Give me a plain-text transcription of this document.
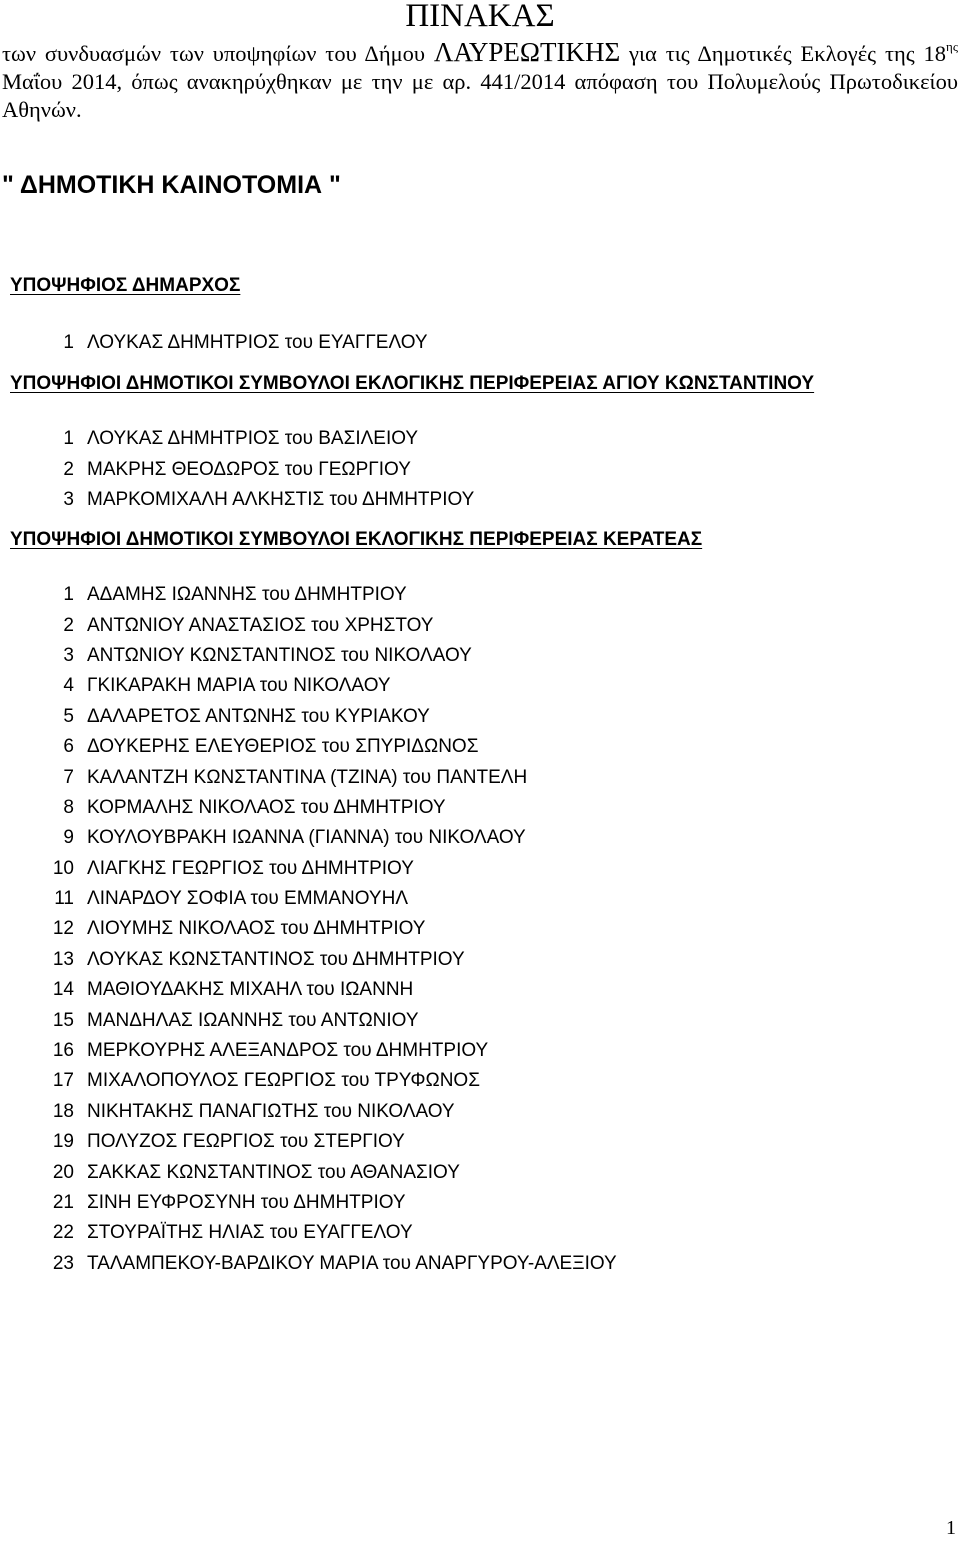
ΠΙΝΑΚΑΣ

των συνδυασμών των υποψηφίων του Δήμου ΛΑΥΡΕΩΤΙΚΗΣ για τις Δημοτικές Εκλογές της $18^{\eta\varsigma}$ Μαΐου 2014, όπως ανακηρύχθηκαν με την με αρ. 441/2014 απόφαση του Πολυμελούς Πρωτοδικείου Αθηνών.

" ΔΗΜΟΤΙΚΗ ΚΑΙΝΟΤΟΜΙΑ "
ΥΠΟΨΗΦΙΟΣ ΔΗΜΑΡΧΟΣ
1 ΛΟΥΚΑΣ ΔΗΜΗΤΡΙΟΣ του ΕΥΑΓΓΕΛΟΥ
ΥΠΟΨΗΦΙΟΙ ΔΗΜΟΤΙΚΟΙ ΣΥΜΒΟΥΛΟΙ ΕΚΛΟΓΙΚΗΣ ΠΕΡΙΦΕΡΕΙΑΣ ΑΓΙΟΥ ΚΩΝΣΤΑΝΤΙΝΟΥ
1 ΛΟΥΚΑΣ ΔΗΜΗΤΡΙΟΣ του ΒΑΣΙΛΕΙΟΥ
2 ΜΑΚΡΗΣ ΘΕΟΔΩΡΟΣ του ΓΕΩΡΓΙΟΥ
3 ΜΑΡΚΟΜΙΧΑΛΗ ΑΛΚΗΣΤΙΣ του ΔΗΜΗΤΡΙΟΥ
ΥΠΟΨΗΦΙΟΙ ΔΗΜΟΤΙΚΟΙ ΣΥΜΒΟΥΛΟΙ ΕΚΛΟΓΙΚΗΣ ΠΕΡΙΦΕΡΕΙΑΣ ΚΕΡΑΤΕΑΣ
1 ΑΔΑΜΗΣ ΙΩΑΝΝΗΣ του ΔΗΜΗΤΡΙΟΥ
2 ΑΝΤΩΝΙΟΥ ΑΝΑΣΤΑΣΙΟΣ του ΧΡΗΣΤΟΥ
3 ΑΝΤΩΝΙΟΥ ΚΩΝΣΤΑΝΤΙΝΟΣ του ΝΙΚΟΛΑΟΥ
4 ΓΚΙΚΑΡΑΚΗ ΜΑΡΙΑ του ΝΙΚΟΛΑΟΥ
5 ΔΑΛΑΡΕΤΟΣ ΑΝΤΩΝΗΣ του ΚΥΡΙΑΚΟΥ
6 ΔΟΥΚΕΡΗΣ ΕΛΕΥΘΕΡΙΟΣ του ΣΠΥΡΙΔΩΝΟΣ
7 ΚΑΛΑΝΤΖΗ ΚΩΝΣΤΑΝΤΙΝΑ (ΤΖΙΝΑ) του ΠΑΝΤΕΛΗ
8 ΚΟΡΜΑΛΗΣ ΝΙΚΟΛΑΟΣ του ΔΗΜΗΤΡΙΟΥ
9 ΚΟΥΛΟΥΒΡΑΚΗ ΙΩΑΝΝΑ (ΓΙΑΝΝΑ) του ΝΙΚΟΛΑΟΥ
10 ΛΙΑΓΚΗΣ ΓΕΩΡΓΙΟΣ του ΔΗΜΗΤΡΙΟΥ
11 ΛΙΝΑΡΔΟΥ ΣΟΦΙΑ του ΕΜΜΑΝΟΥΗΛ
12 ΛΙΟΥΜΗΣ ΝΙΚΟΛΑΟΣ του ΔΗΜΗΤΡΙΟΥ
13 ΛΟΥΚΑΣ ΚΩΝΣΤΑΝΤΙΝΟΣ του ΔΗΜΗΤΡΙΟΥ
14 ΜΑΘΙΟΥΔΑΚΗΣ ΜΙΧΑΗΛ του ΙΩΑΝΝΗ
15 ΜΑΝΔΗΛΑΣ ΙΩΑΝΝΗΣ του ΑΝΤΩΝΙΟΥ
16 ΜΕΡΚΟΥΡΗΣ ΑΛΕΞΑΝΔΡΟΣ του ΔΗΜΗΤΡΙΟΥ
17 ΜΙΧΑΛΟΠΟΥΛΟΣ ΓΕΩΡΓΙΟΣ του ΤΡΥΦΩΝΟΣ
18 ΝΙΚΗΤΑΚΗΣ ΠΑΝΑΓΙΩΤΗΣ του ΝΙΚΟΛΑΟΥ
19 ΠΟΛΥΖΟΣ ΓΕΩΡΓΙΟΣ του ΣΤΕΡΓΙΟΥ
20 ΣΑΚΚΑΣ ΚΩΝΣΤΑΝΤΙΝΟΣ του ΑΘΑΝΑΣΙΟΥ
21 ΣΙΝΗ ΕΥΦΡΟΣΥΝΗ του ΔΗΜΗΤΡΙΟΥ
22 ΣΤΟΥΡΑΪΤΗΣ ΗΛΙΑΣ του ΕΥΑΓΓΕΛΟΥ
23 ΤΑΛΑΜΠΕΚΟΥ-ΒΑΡΔΙΚΟΥ ΜΑΡΙΑ του ΑΝΑΡΓΥΡΟΥ-ΑΛΕΞΙΟΥ
1
